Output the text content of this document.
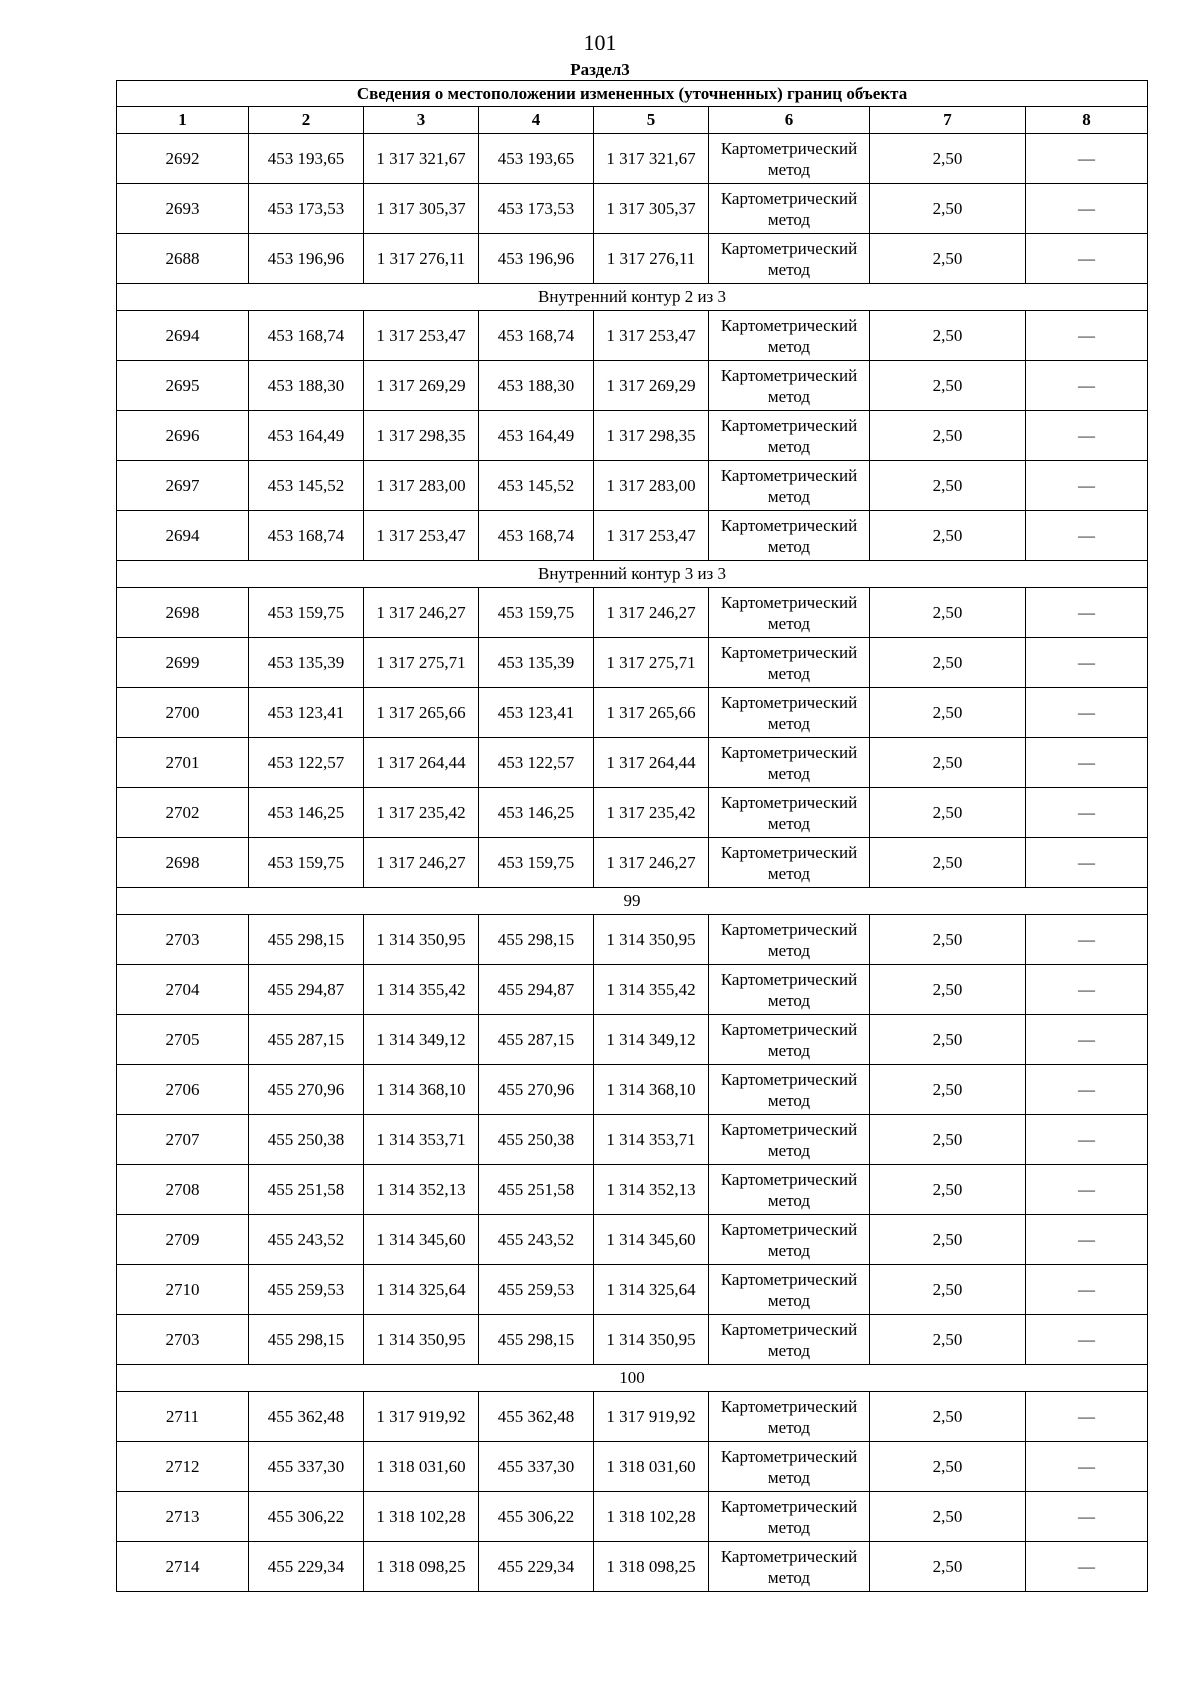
101
Раздел3
Сведения о местоположении измененных (уточненных) границ объекта							
1	2	3	4	5	6	7	8
2692	453 193,65	1 317 321,67	453 193,65	1 317 321,67	Картометрический метод	2,50	—
2693	453 173,53	1 317 305,37	453 173,53	1 317 305,37	Картометрический метод	2,50	—
2688	453 196,96	1 317 276,11	453 196,96	1 317 276,11	Картометрический метод	2,50	—
Внутренний контур 2 из 3							
2694	453 168,74	1 317 253,47	453 168,74	1 317 253,47	Картометрический метод	2,50	—
2695	453 188,30	1 317 269,29	453 188,30	1 317 269,29	Картометрический метод	2,50	—
2696	453 164,49	1 317 298,35	453 164,49	1 317 298,35	Картометрический метод	2,50	—
2697	453 145,52	1 317 283,00	453 145,52	1 317 283,00	Картометрический метод	2,50	—
2694	453 168,74	1 317 253,47	453 168,74	1 317 253,47	Картометрический метод	2,50	—
Внутренний контур 3 из 3							
2698	453 159,75	1 317 246,27	453 159,75	1 317 246,27	Картометрический метод	2,50	—
2699	453 135,39	1 317 275,71	453 135,39	1 317 275,71	Картометрический метод	2,50	—
2700	453 123,41	1 317 265,66	453 123,41	1 317 265,66	Картометрический метод	2,50	—
2701	453 122,57	1 317 264,44	453 122,57	1 317 264,44	Картометрический метод	2,50	—
2702	453 146,25	1 317 235,42	453 146,25	1 317 235,42	Картометрический метод	2,50	—
2698	453 159,75	1 317 246,27	453 159,75	1 317 246,27	Картометрический метод	2,50	—
99							
2703	455 298,15	1 314 350,95	455 298,15	1 314 350,95	Картометрический метод	2,50	—
2704	455 294,87	1 314 355,42	455 294,87	1 314 355,42	Картометрический метод	2,50	—
2705	455 287,15	1 314 349,12	455 287,15	1 314 349,12	Картометрический метод	2,50	—
2706	455 270,96	1 314 368,10	455 270,96	1 314 368,10	Картометрический метод	2,50	—
2707	455 250,38	1 314 353,71	455 250,38	1 314 353,71	Картометрический метод	2,50	—
2708	455 251,58	1 314 352,13	455 251,58	1 314 352,13	Картометрический метод	2,50	—
2709	455 243,52	1 314 345,60	455 243,52	1 314 345,60	Картометрический метод	2,50	—
2710	455 259,53	1 314 325,64	455 259,53	1 314 325,64	Картометрический метод	2,50	—
2703	455 298,15	1 314 350,95	455 298,15	1 314 350,95	Картометрический метод	2,50	—
100							
2711	455 362,48	1 317 919,92	455 362,48	1 317 919,92	Картометрический метод	2,50	—
2712	455 337,30	1 318 031,60	455 337,30	1 318 031,60	Картометрический метод	2,50	—
2713	455 306,22	1 318 102,28	455 306,22	1 318 102,28	Картометрический метод	2,50	—
2714	455 229,34	1 318 098,25	455 229,34	1 318 098,25	Картометрический метод	2,50	—
